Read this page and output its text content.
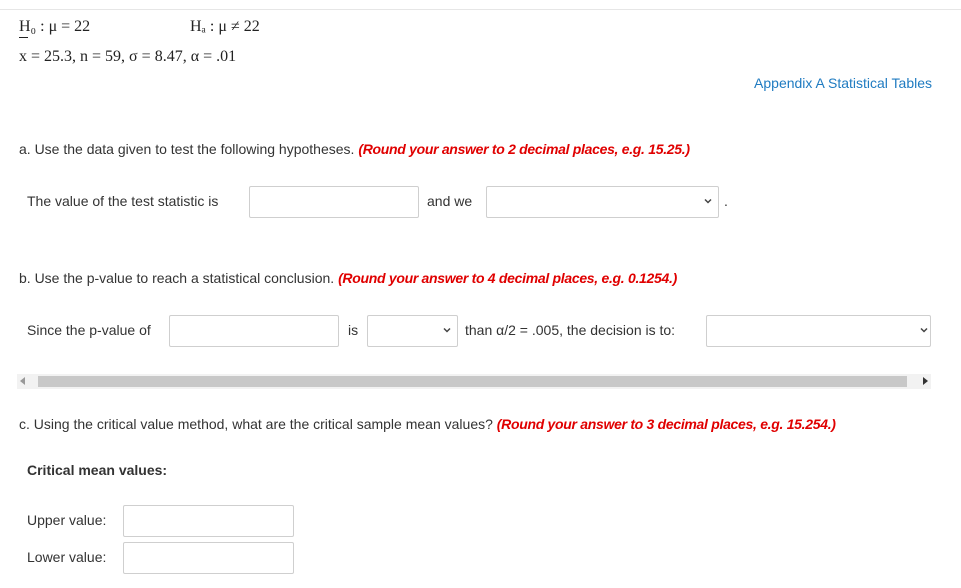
H₀ : μ = 22	Hₐ : μ ≠ 22
x = 25.3, n = 59, σ = 8.47, α = .01
Appendix A Statistical Tables
a. Use the data given to test the following hypotheses. (Round your answer to 2 decimal places, e.g. 15.25.)
The value of the test statistic is	and we	.
b. Use the p-value to reach a statistical conclusion. (Round your answer to 4 decimal places, e.g. 0.1254.)
Since the p-value of	is	than α/2 = .005, the decision is to:
c. Using the critical value method, what are the critical sample mean values? (Round your answer to 3 decimal places, e.g. 15.254.)
Critical mean values:
Upper value:
Lower value:
